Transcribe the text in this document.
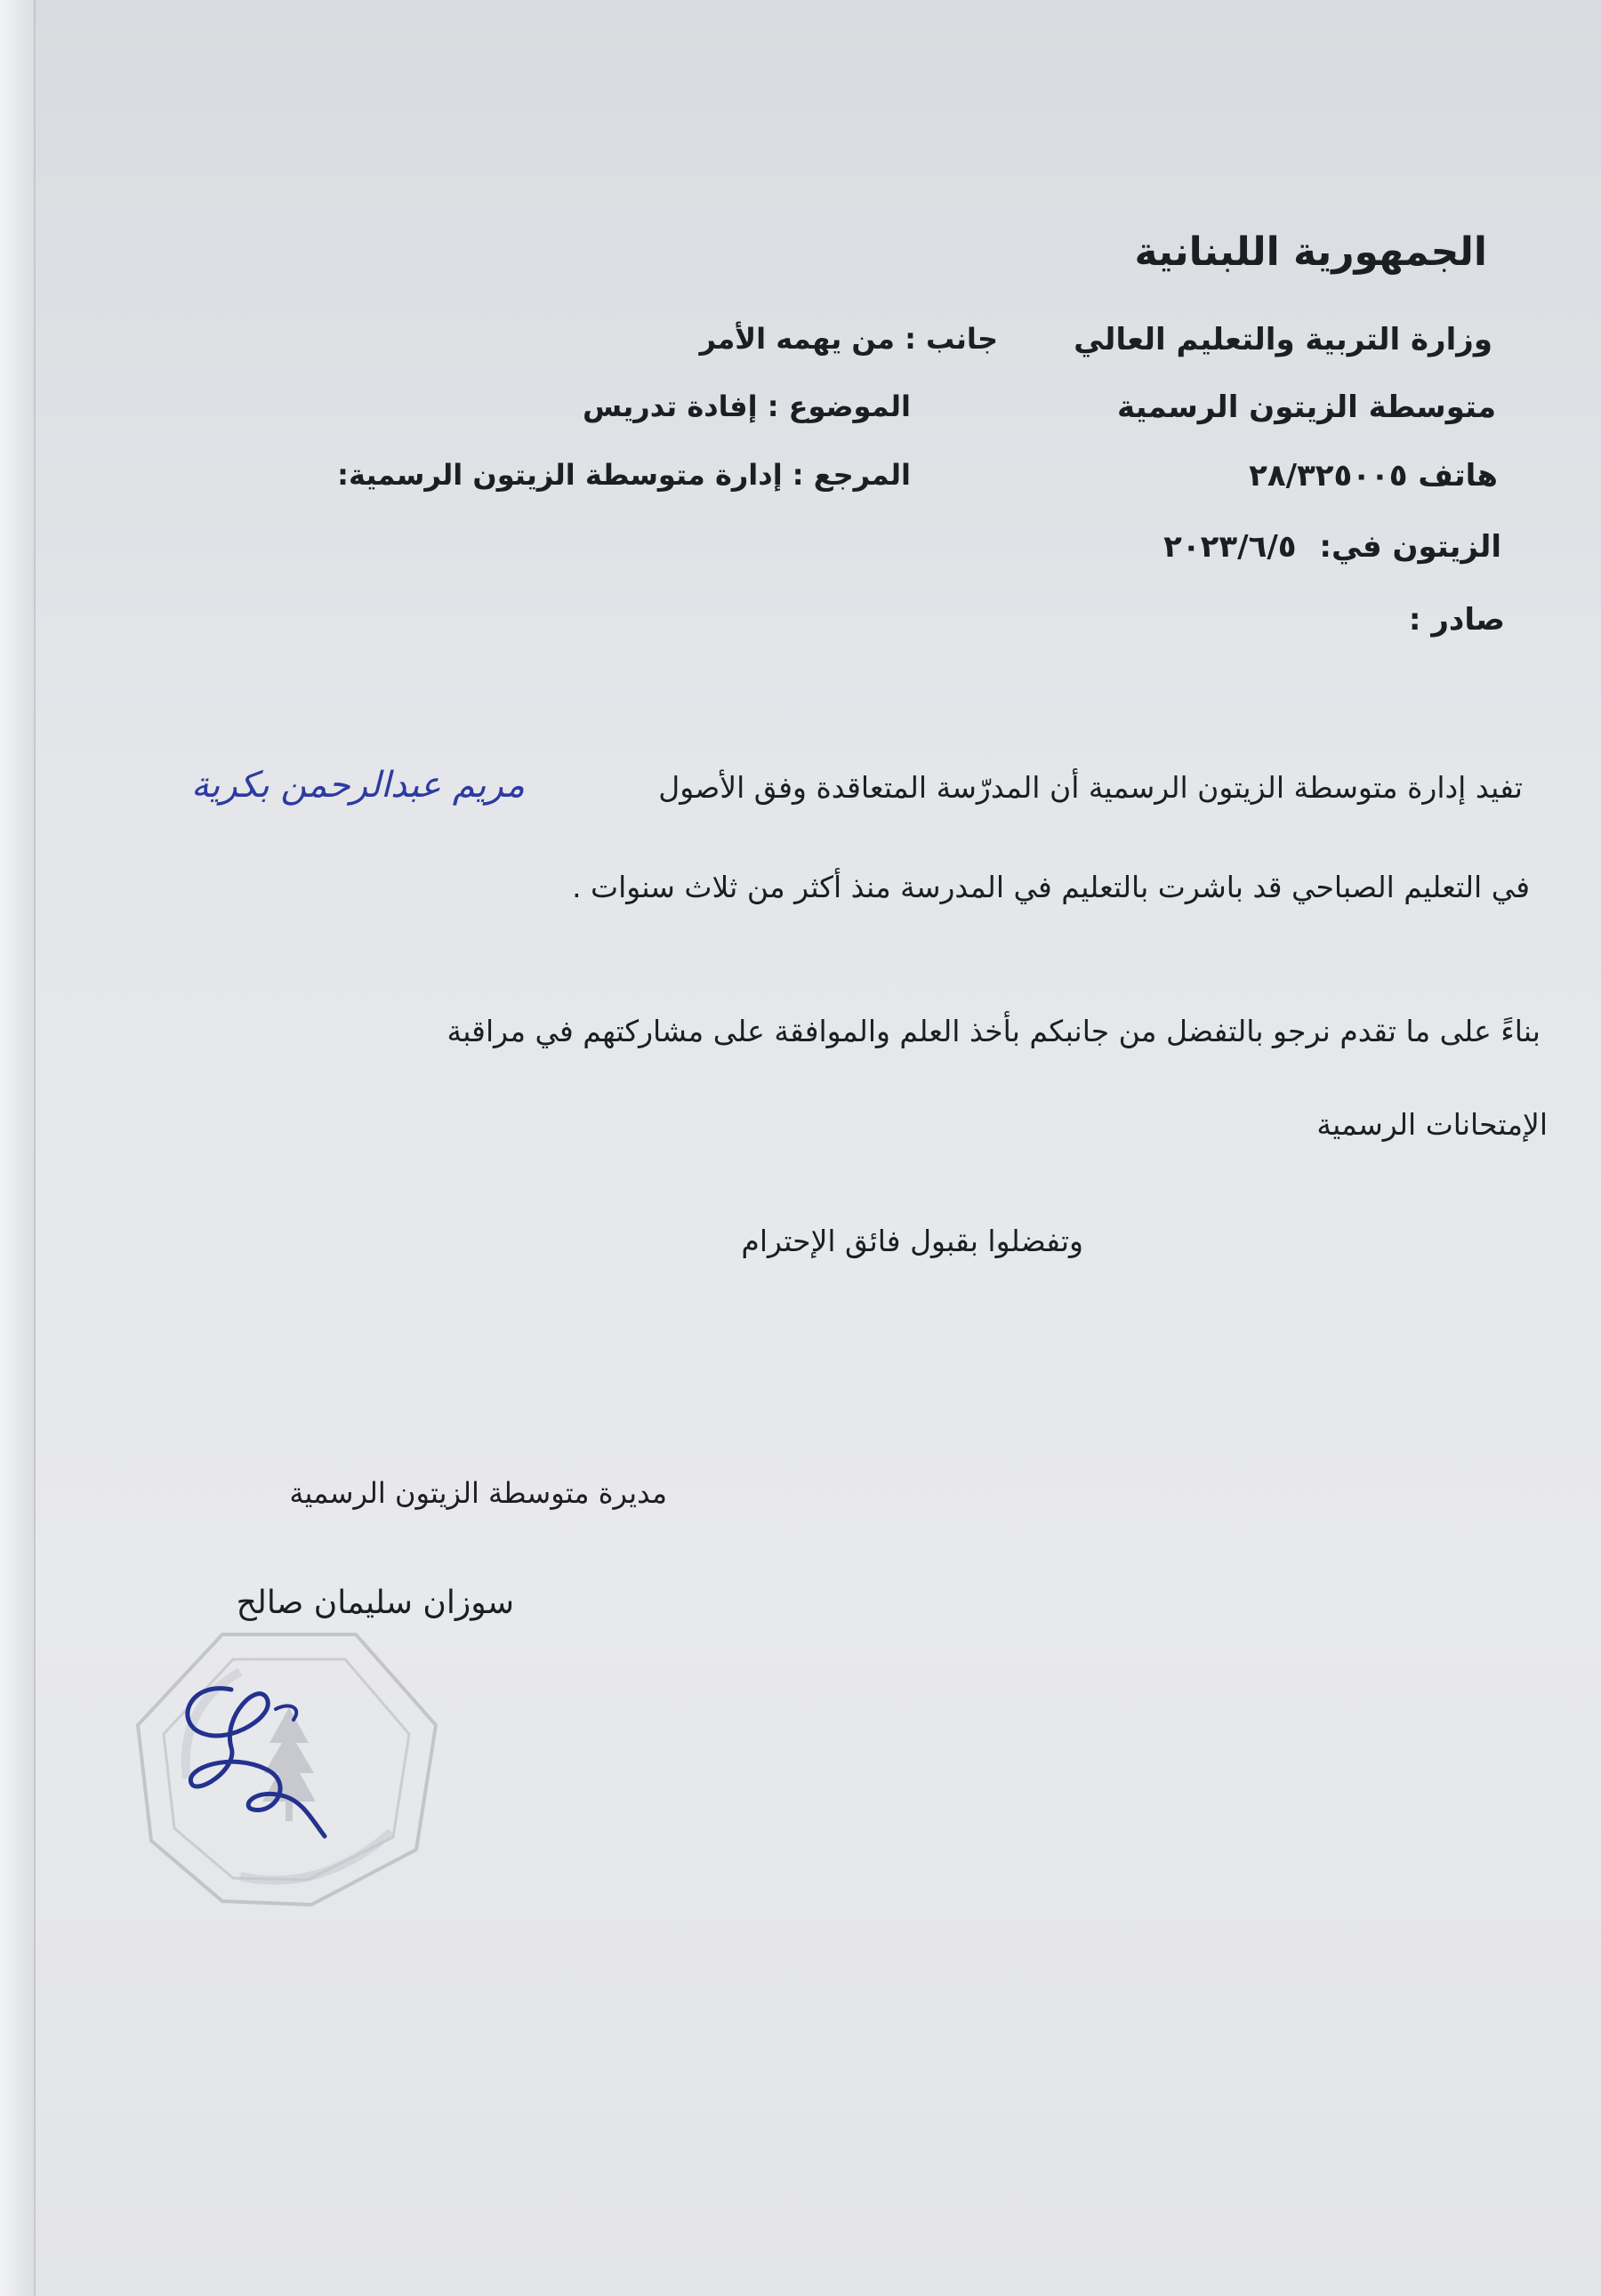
الجمهورية اللبنانية
وزارة التربية والتعليم العالي
متوسطة الزيتون الرسمية
هاتف ٢٨/٣٢٥٠٠٥
الزيتون في: ٢٠٢٣/٦/٥
صادر :
جانب : من يهمه الأمر
الموضوع : إفادة تدريس
المرجع : إدارة متوسطة الزيتون الرسمية:
تفيد إدارة متوسطة الزيتون الرسمية أن المدرّسة المتعاقدة وفق الأصول
مريم عبدالرحمن بكرية
في التعليم الصباحي قد باشرت بالتعليم في المدرسة منذ أكثر من ثلاث سنوات .
بناءً على ما تقدم نرجو بالتفضل من جانبكم بأخذ العلم والموافقة على مشاركتهم في مراقبة
الإمتحانات الرسمية
وتفضلوا بقبول فائق الإحترام
مديرة متوسطة الزيتون الرسمية
سوزان سليمان صالح
